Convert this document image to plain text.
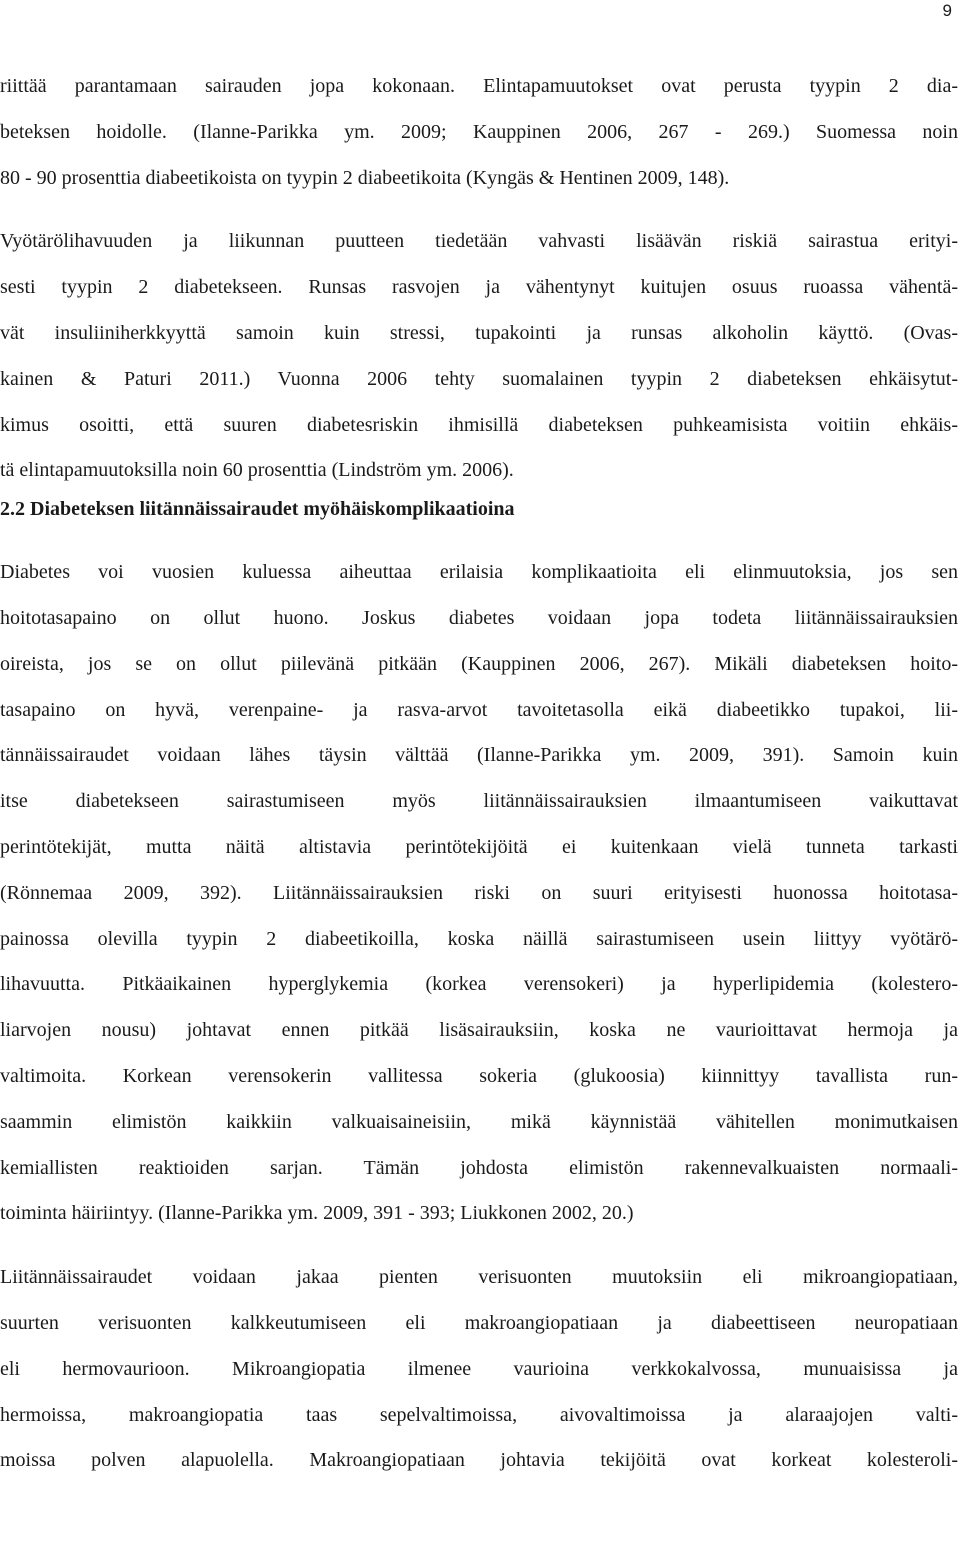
9
riittää parantamaan sairauden jopa kokonaan. Elintapamuutokset ovat perusta tyypin 2 dia-
beteksen hoidolle. (Ilanne-Parikka ym. 2009; Kauppinen 2006, 267 - 269.) Suomessa noin
80 - 90 prosenttia diabeetikoista on tyypin 2 diabeetikoita (Kyngäs & Hentinen 2009, 148).
Vyötärölihavuuden ja liikunnan puutteen tiedetään vahvasti lisäävän riskiä sairastua erityi-
sesti tyypin 2 diabetekseen. Runsas rasvojen ja vähentynyt kuitujen osuus ruoassa vähentä-
vät insuliiniherkkyyttä samoin kuin stressi, tupakointi ja runsas alkoholin käyttö. (Ovas-
kainen & Paturi 2011.) Vuonna 2006 tehty suomalainen tyypin 2 diabeteksen ehkäisytut-
kimus osoitti, että suuren diabetesriskin ihmisillä diabeteksen puhkeamisista voitiin ehkäis-
tä elintapamuutoksilla noin 60 prosenttia (Lindström ym. 2006).
2.2 Diabeteksen liitännäissairaudet myöhäiskomplikaatioina
Diabetes voi vuosien kuluessa aiheuttaa erilaisia komplikaatioita eli elinmuutoksia, jos sen
hoitotasapaino on ollut huono. Joskus diabetes voidaan jopa todeta liitännäissairauksien
oireista, jos se on ollut piilevänä pitkään (Kauppinen 2006, 267). Mikäli diabeteksen hoito-
tasapaino on hyvä, verenpaine- ja rasva-arvot tavoitetasolla eikä diabeetikko tupakoi, lii-
tännäissairaudet voidaan lähes täysin välttää (Ilanne-Parikka ym. 2009, 391). Samoin kuin
itse diabetekseen sairastumiseen myös liitännäissairauksien ilmaantumiseen vaikuttavat
perintötekijät, mutta näitä altistavia perintötekijöitä ei kuitenkaan vielä tunneta tarkasti
(Rönnemaa 2009, 392). Liitännäissairauksien riski on suuri erityisesti huonossa hoitotasa-
painossa olevilla tyypin 2 diabeetikoilla, koska näillä sairastumiseen usein liittyy vyötärö-
lihavuutta. Pitkäaikainen hyperglykemia (korkea verensokeri) ja hyperlipidemia (kolestero-
liarvojen nousu) johtavat ennen pitkää lisäsairauksiin, koska ne vaurioittavat hermoja ja
valtimoita. Korkean verensokerin vallitessa sokeria (glukoosia) kiinnittyy tavallista run-
saammin elimistön kaikkiin valkuaisaineisiin, mikä käynnistää vähitellen monimutkaisen
kemiallisten reaktioiden sarjan. Tämän johdosta elimistön rakennevalkuaisten normaali-
toiminta häiriintyy. (Ilanne-Parikka ym. 2009, 391 - 393; Liukkonen 2002, 20.)
Liitännäissairaudet voidaan jakaa pienten verisuonten muutoksiin eli mikroangiopatiaan,
suurten verisuonten kalkkeutumiseen eli makroangiopatiaan ja diabeettiseen neuropatiaan
eli hermovaurioon. Mikroangiopatia ilmenee vaurioina verkkokalvossa, munuaisissa ja
hermoissa, makroangiopatia taas sepelvaltimoissa, aivovaltimoissa ja alaraajojen valti-
moissa polven alapuolella. Makroangiopatiaan johtavia tekijöitä ovat korkeat kolesteroli-
